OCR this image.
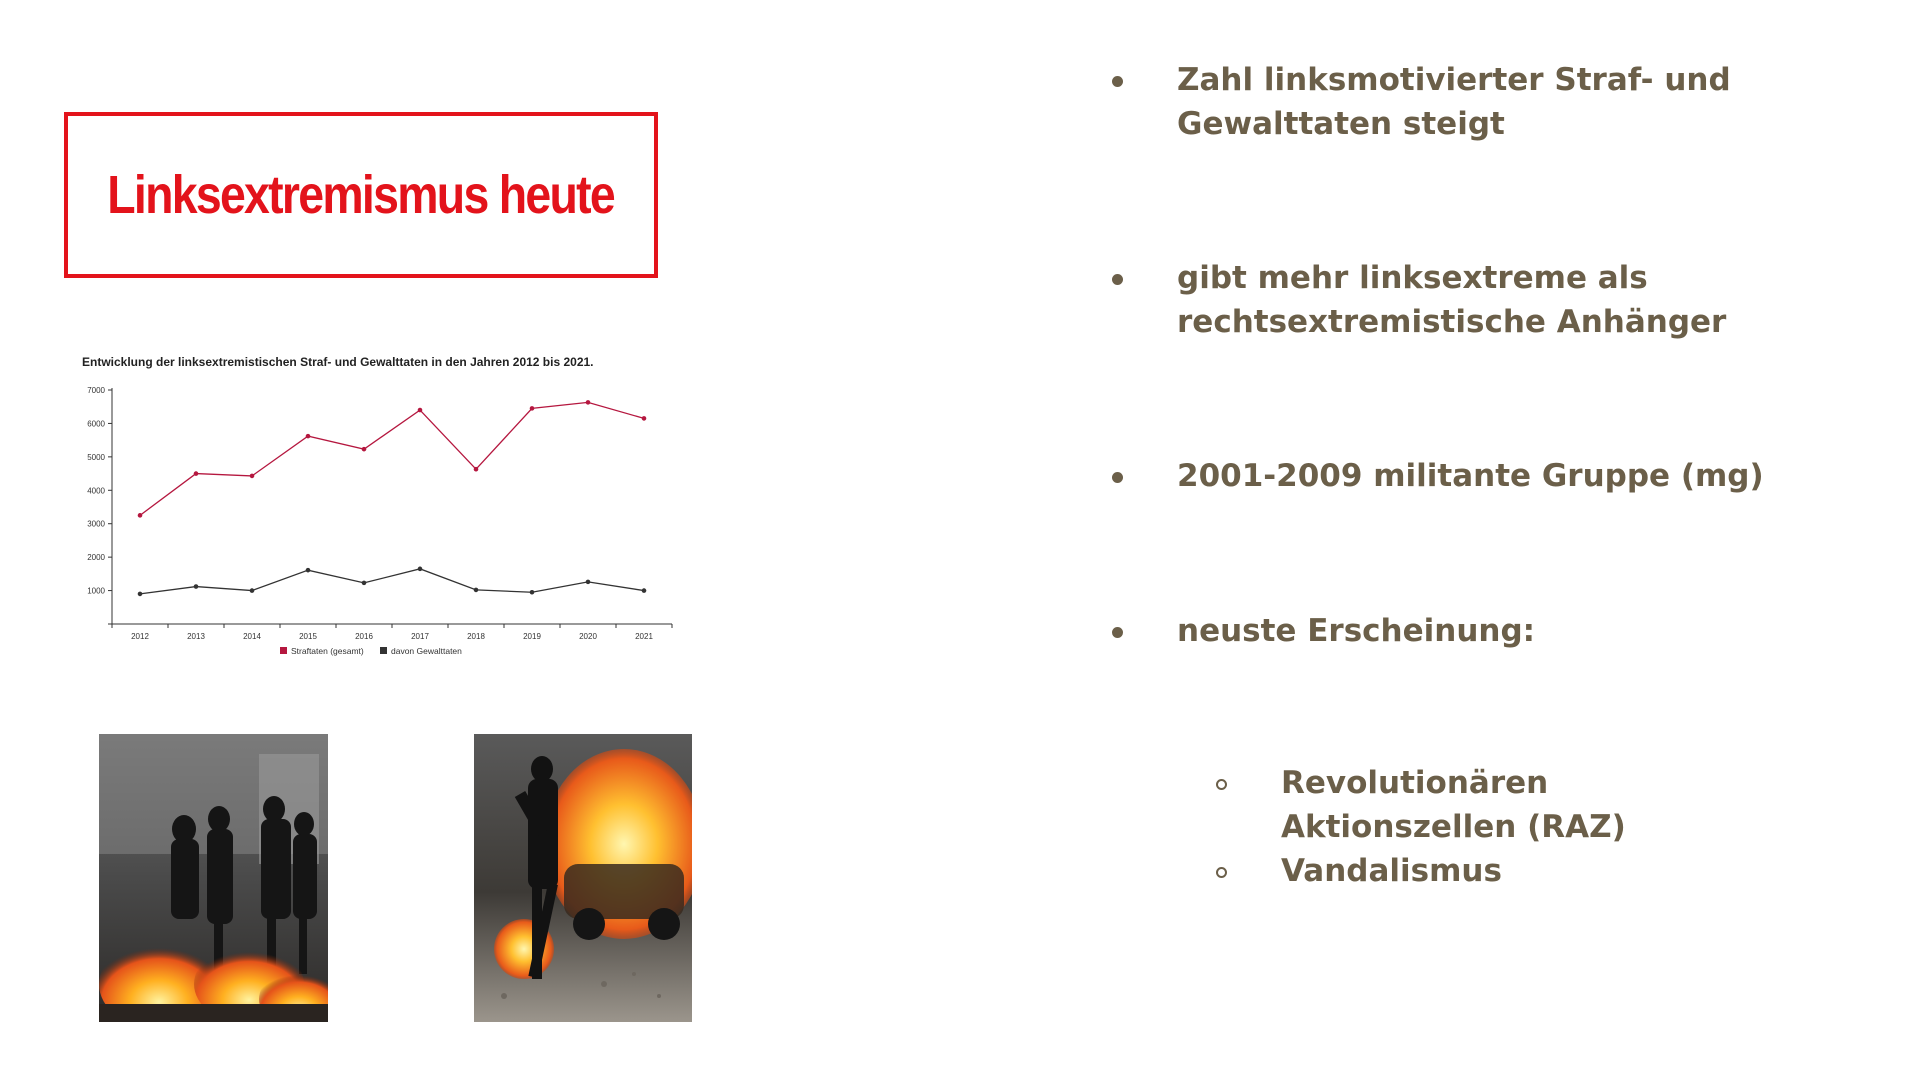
Linksextremismus heute
Entwicklung der linksextremistischen Straf- und Gewalttaten in den Jahren 2012 bis 2021.
1000
2000
3000
4000
5000
6000
7000
2012	2013	2014	2015	2016	2017	2018	2019	2020	2021
Straftaten (gesamt)	davon Gewalttaten
Zahl linksmotivierter Straf- und
Gewalttaten steigt
gibt mehr linksextreme als
rechtsextremistische Anhänger
2001-2009 militante Gruppe (mg)
neuste Erscheinung:
Revolutionären
Aktionszellen (RAZ)
Vandalismus
